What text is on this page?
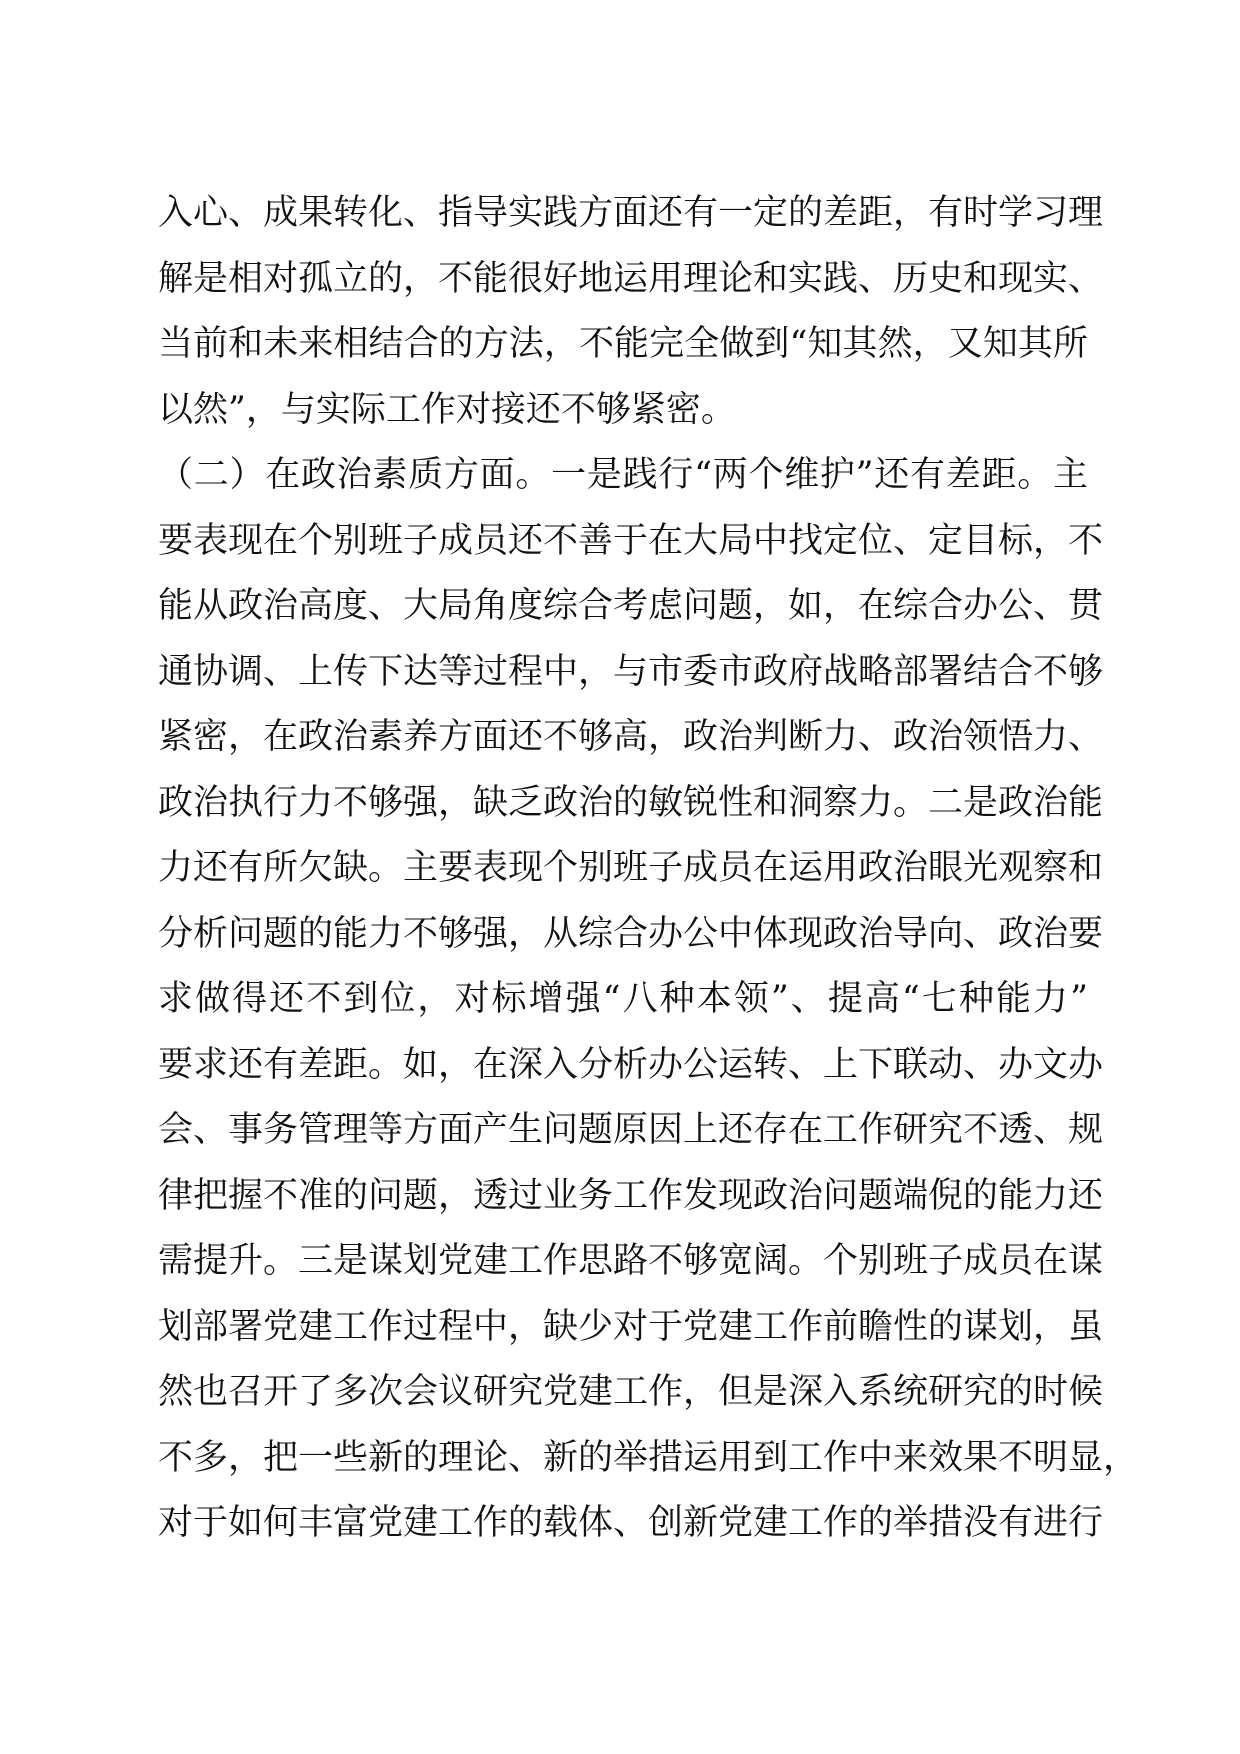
入心、成果转化、指导实践方面还有一定的差距，有时学习理
解是相对孤立的，不能很好地运用理论和实践、历史和现实、
当前和未来相结合的方法，不能完全做到“知其然，又知其所
以然”，与实际工作对接还不够紧密。
（二）在政治素质方面。一是践行“两个维护”还有差距。主
要表现在个别班子成员还不善于在大局中找定位、定目标，不
能从政治高度、大局角度综合考虑问题，如，在综合办公、贯
通协调、上传下达等过程中，与市委市政府战略部署结合不够
紧密，在政治素养方面还不够高，政治判断力、政治领悟力、
政治执行力不够强，缺乏政治的敏锐性和洞察力。二是政治能
力还有所欠缺。主要表现个别班子成员在运用政治眼光观察和
分析问题的能力不够强，从综合办公中体现政治导向、政治要
求做得还不到位，对标增强“八种本领”、提高“七种能力”
要求还有差距。如，在深入分析办公运转、上下联动、办文办
会、事务管理等方面产生问题原因上还存在工作研究不透、规
律把握不准的问题，透过业务工作发现政治问题端倪的能力还
需提升。三是谋划党建工作思路不够宽阔。个别班子成员在谋
划部署党建工作过程中，缺少对于党建工作前瞻性的谋划，虽
然也召开了多次会议研究党建工作，但是深入系统研究的时候
不多，把一些新的理论、新的举措运用到工作中来效果不明显，
对于如何丰富党建工作的载体、创新党建工作的举措没有进行
